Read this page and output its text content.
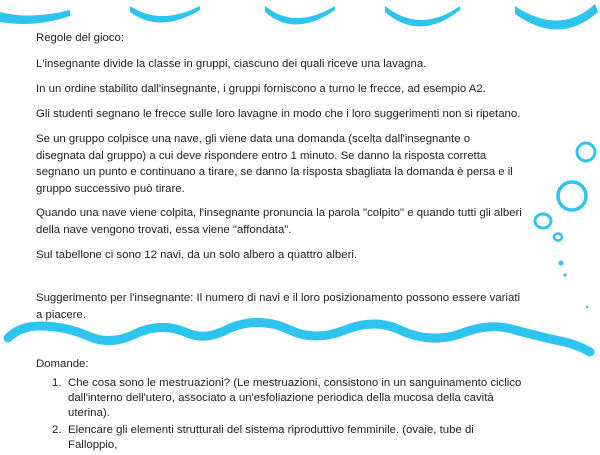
Regole del gioco:

L'insegnante divide la classe in gruppi, ciascuno dei quali riceve una lavagna.

In un ordine stabilito dall'insegnante, i gruppi forniscono a turno le frecce, ad esempio A2.

Gli studenti segnano le frecce sulle loro lavagne in modo che i loro suggerimenti non si ripetano.

Se un gruppo colpisce una nave, gli viene data una domanda (scelta dall'insegnante o disegnata dal gruppo) a cui deve rispondere entro 1 minuto. Se danno la risposta corretta segnano un punto e continuano a tirare, se danno la risposta sbagliata la domanda è persa e il gruppo successivo può tirare.

Quando una nave viene colpita, l'insegnante pronuncia la parola "colpito" e quando tutti gli alberi della nave vengono trovati, essa viene "affondata".

Sul tabellone ci sono 12 navi, da un solo albero a quattro alberi.

Suggerimento per l'insegnante: Il numero di navi e il loro posizionamento possono essere variati a piacere.

Domande:

1. Che cosa sono le mestruazioni? (Le mestruazioni, consistono in un sanguinamento ciclico dall'interno dell'utero, associato a un'esfoliazione periodica della mucosa della cavità uterina).
2. Elencare gli elementi strutturali del sistema riproduttivo femminile. (ovaie, tube di Falloppio,
